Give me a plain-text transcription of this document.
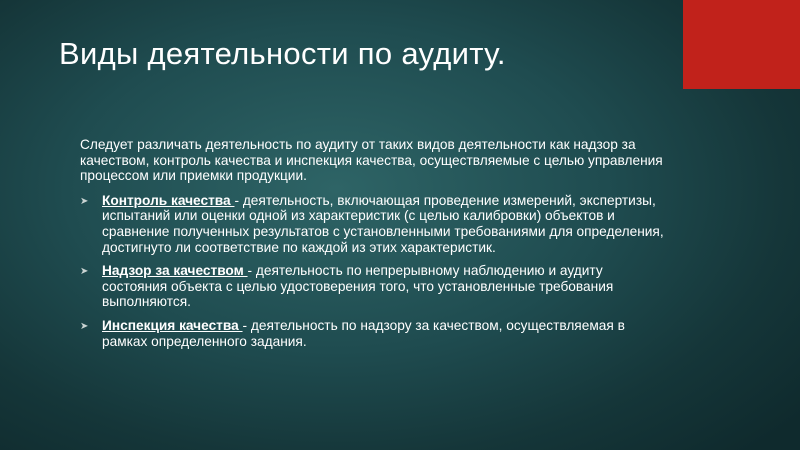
Виды деятельности по аудиту.

Следует различать деятельность по аудиту от таких видов деятельности как надзор за качеством, контроль качества и инспекция качества, осуществляемые с целью управления процессом или приемки продукции.

➤ Контроль качества - деятельность, включающая проведение измерений, экспертизы, испытаний или оценки одной из характеристик (с целью калибровки) объектов и сравнение полученных результатов с установленными требованиями для определения, достигнуто ли соответствие по каждой из этих характеристик.
➤ Надзор за качеством - деятельность по непрерывному наблюдению и аудиту состояния объекта с целью удостоверения того, что установленные требования выполняются.
➤ Инспекция качества - деятельность по надзору за качеством, осуществляемая в рамках определенного задания.
